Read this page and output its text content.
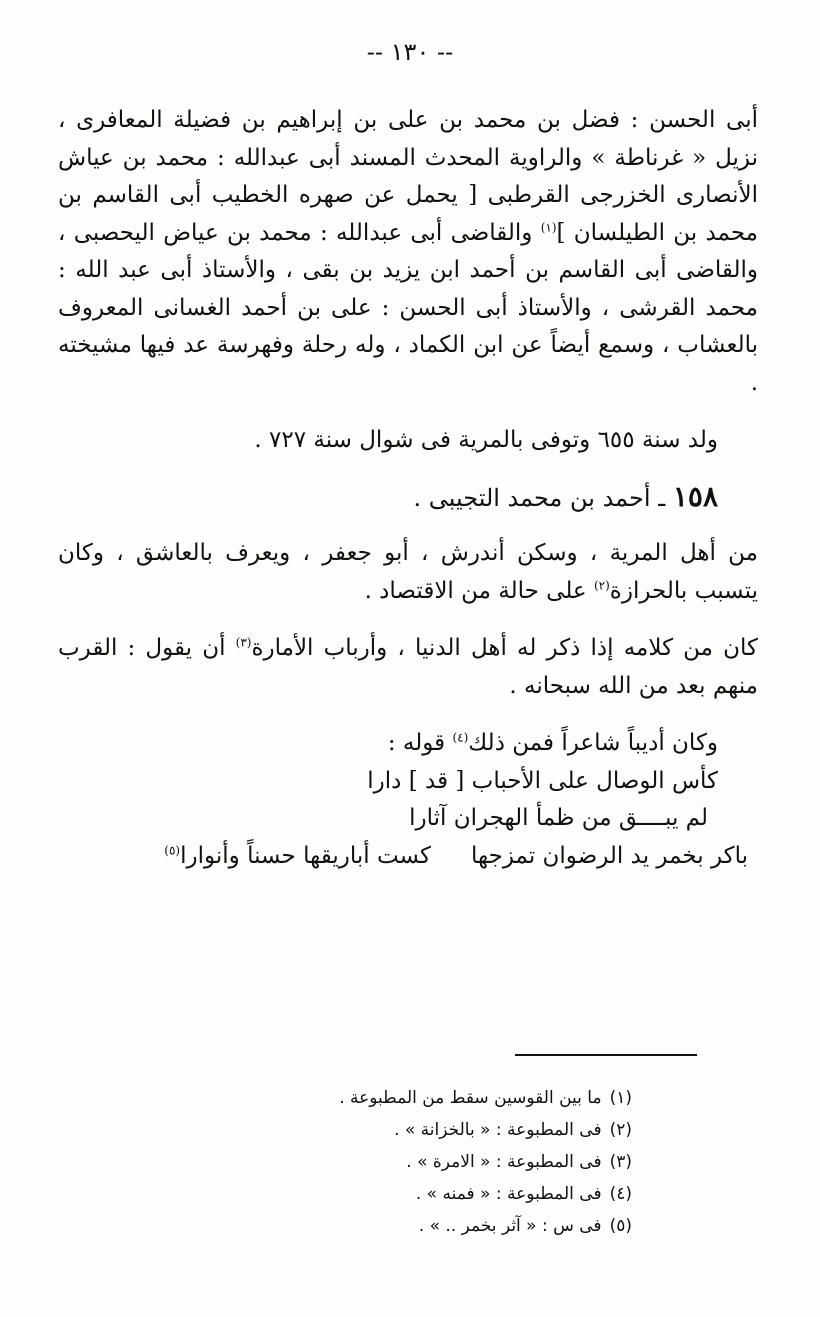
-- ١٣٠ --

أبى الحسن : فضل بن محمد بن على بن إبراهيم بن فضيلة المعافرى ، نزيل « غرناطة » والراوية المحدث المسند أبى عبدالله : محمد بن عياش الأنصارى الخزرجى القرطبى [ يحمل عن صهره الخطيب أبى القاسم بن محمد بن الطيلسان ]$^{(١)}$ والقاضى أبى عبدالله : محمد بن عياض اليحصبى ، والقاضى أبى القاسم بن أحمد ابن يزيد بن بقى ، والأستاذ أبى عبد الله : محمد القرشى ، والأستاذ أبى الحسن : على بن أحمد الغسانى المعروف بالعشاب ، وسمع أيضاً عن ابن الكماد ، وله رحلة وفهرسة عد فيها مشيخته .

ولد سنة ٦٥٥ وتوفى بالمرية فى شوال سنة ٧٢٧ .

١٥٨ ـ أحمد بن محمد التجيبى .

من أهل المرية ، وسكن أندرش ، أبو جعفر ، ويعرف بالعاشق ، وكان يتسبب بالحرازة$^{(٢)}$ على حالة من الاقتصاد .

كان من كلامه إذا ذكر له أهل الدنيا ، وأرباب الأمارة$^{(٣)}$ أن يقول : القرب منهم بعد من الله سبحانه .

وكان أديباً شاعراً فمن ذلك$^{(٤)}$ قوله :

كأس الوصال على الأحباب [ قد ] دارا

لم يبــــق من ظمأ الهجران آثارا

باكر بخمر يد الرضوان تمزجهاكست أباريقها حسناً وأنوارا$^{(٥)}$

(١)ما بين القوسين سقط من المطبوعة .

(٢)فى المطبوعة : « بالخزانة » .

(٣)فى المطبوعة : « الامرة » .

(٤)فى المطبوعة : « فمنه » .

(٥)فى س : « آثر بخمر .. » .
